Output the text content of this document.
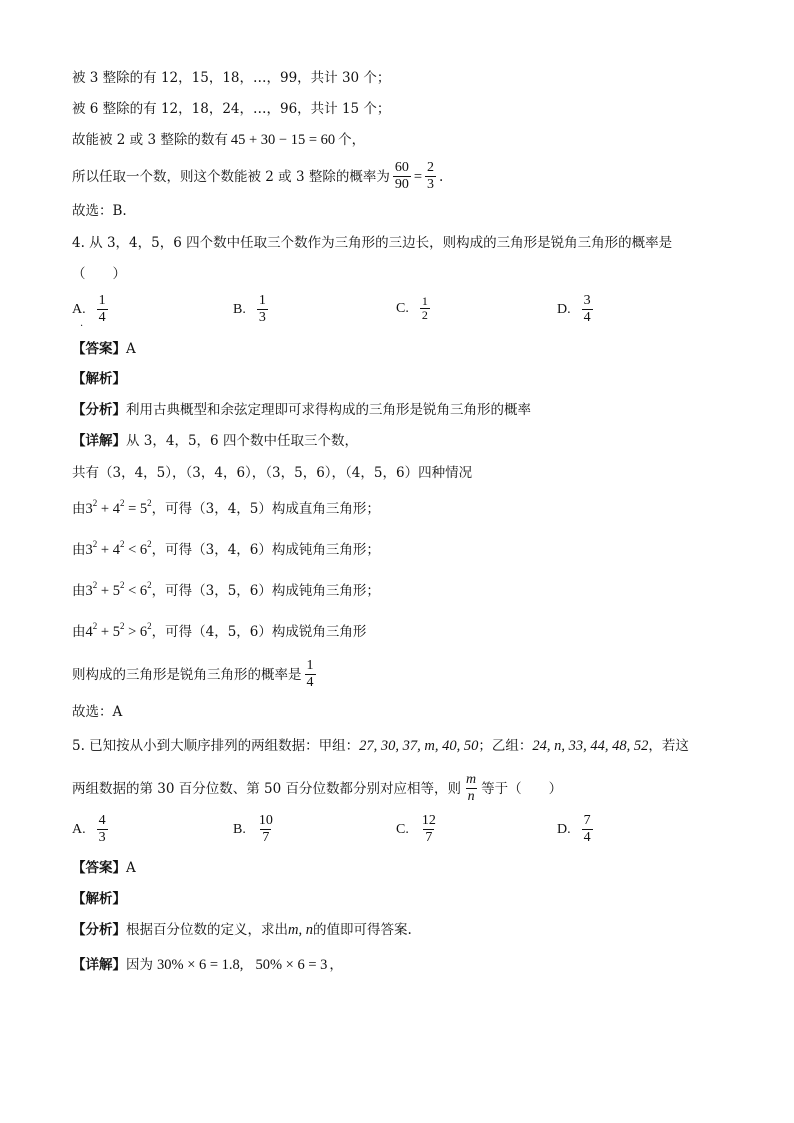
被 3 整除的有 12，15，18，…，99，共计 30 个；
被 6 整除的有 12，18，24，…，96，共计 15 个；
故能被 2 或 3 整除的数有 45 + 30 − 15 = 60 个，
所以任取一个数，则这个数能被 2 或 3 整除的概率为 $\frac{60}{90} = \frac{2}{3}$ .
故选：B.
4. 从 3，4，5，6 四个数中任取三个数作为三角形的三边长，则构成的三角形是锐角三角形的概率是
（　　）
A. $\frac{1}{4}$
.
B. $\frac{1}{3}$	C. $\frac{1}{2}$	D. $\frac{3}{4}$
【答案】 A
【解析】
【分析】 利用古典概型和余弦定理即可求得构成的三角形是锐角三角形的概率
【详解】 从 3，4，5，6 四个数中任取三个数，
共有（3，4，5），（3，4，6），（3，5，6），（4，5，6）四种情况
由 $3^2 + 4^2 = 5^2$ ，可得（3，4，5）构成直角三角形；
由 $3^2 + 4^2 < 6^2$ ，可得（3，4，6）构成钝角三角形；
由 $3^2 + 5^2 < 6^2$ ，可得（3，5，6）构成钝角三角形；
由 $4^2 + 5^2 > 6^2$ ，可得（4，5，6）构成锐角三角形
则构成的三角形是锐角三角形的概率是 $\frac{1}{4}$
故选：A
5. 已知按从小到大顺序排列的两组数据：甲组： 27, 30, 37, m, 40, 50 ；乙组： 24, n, 33, 44, 48, 52 ，若这
两组数据的第 30 百分位数、第 50 百分位数都分别对应相等，则 $\frac{m}{n}$ 等于（　　）
A. $\frac{4}{3}$	B. $\frac{10}{7}$	C. $\frac{12}{7}$	D. $\frac{7}{4}$
【答案】 A
【解析】
【分析】 根据百分位数的定义，求出 m, n 的值即可得答案.
【详解】 因为 30% × 6 = 1.8, 50% × 6 = 3 ，
